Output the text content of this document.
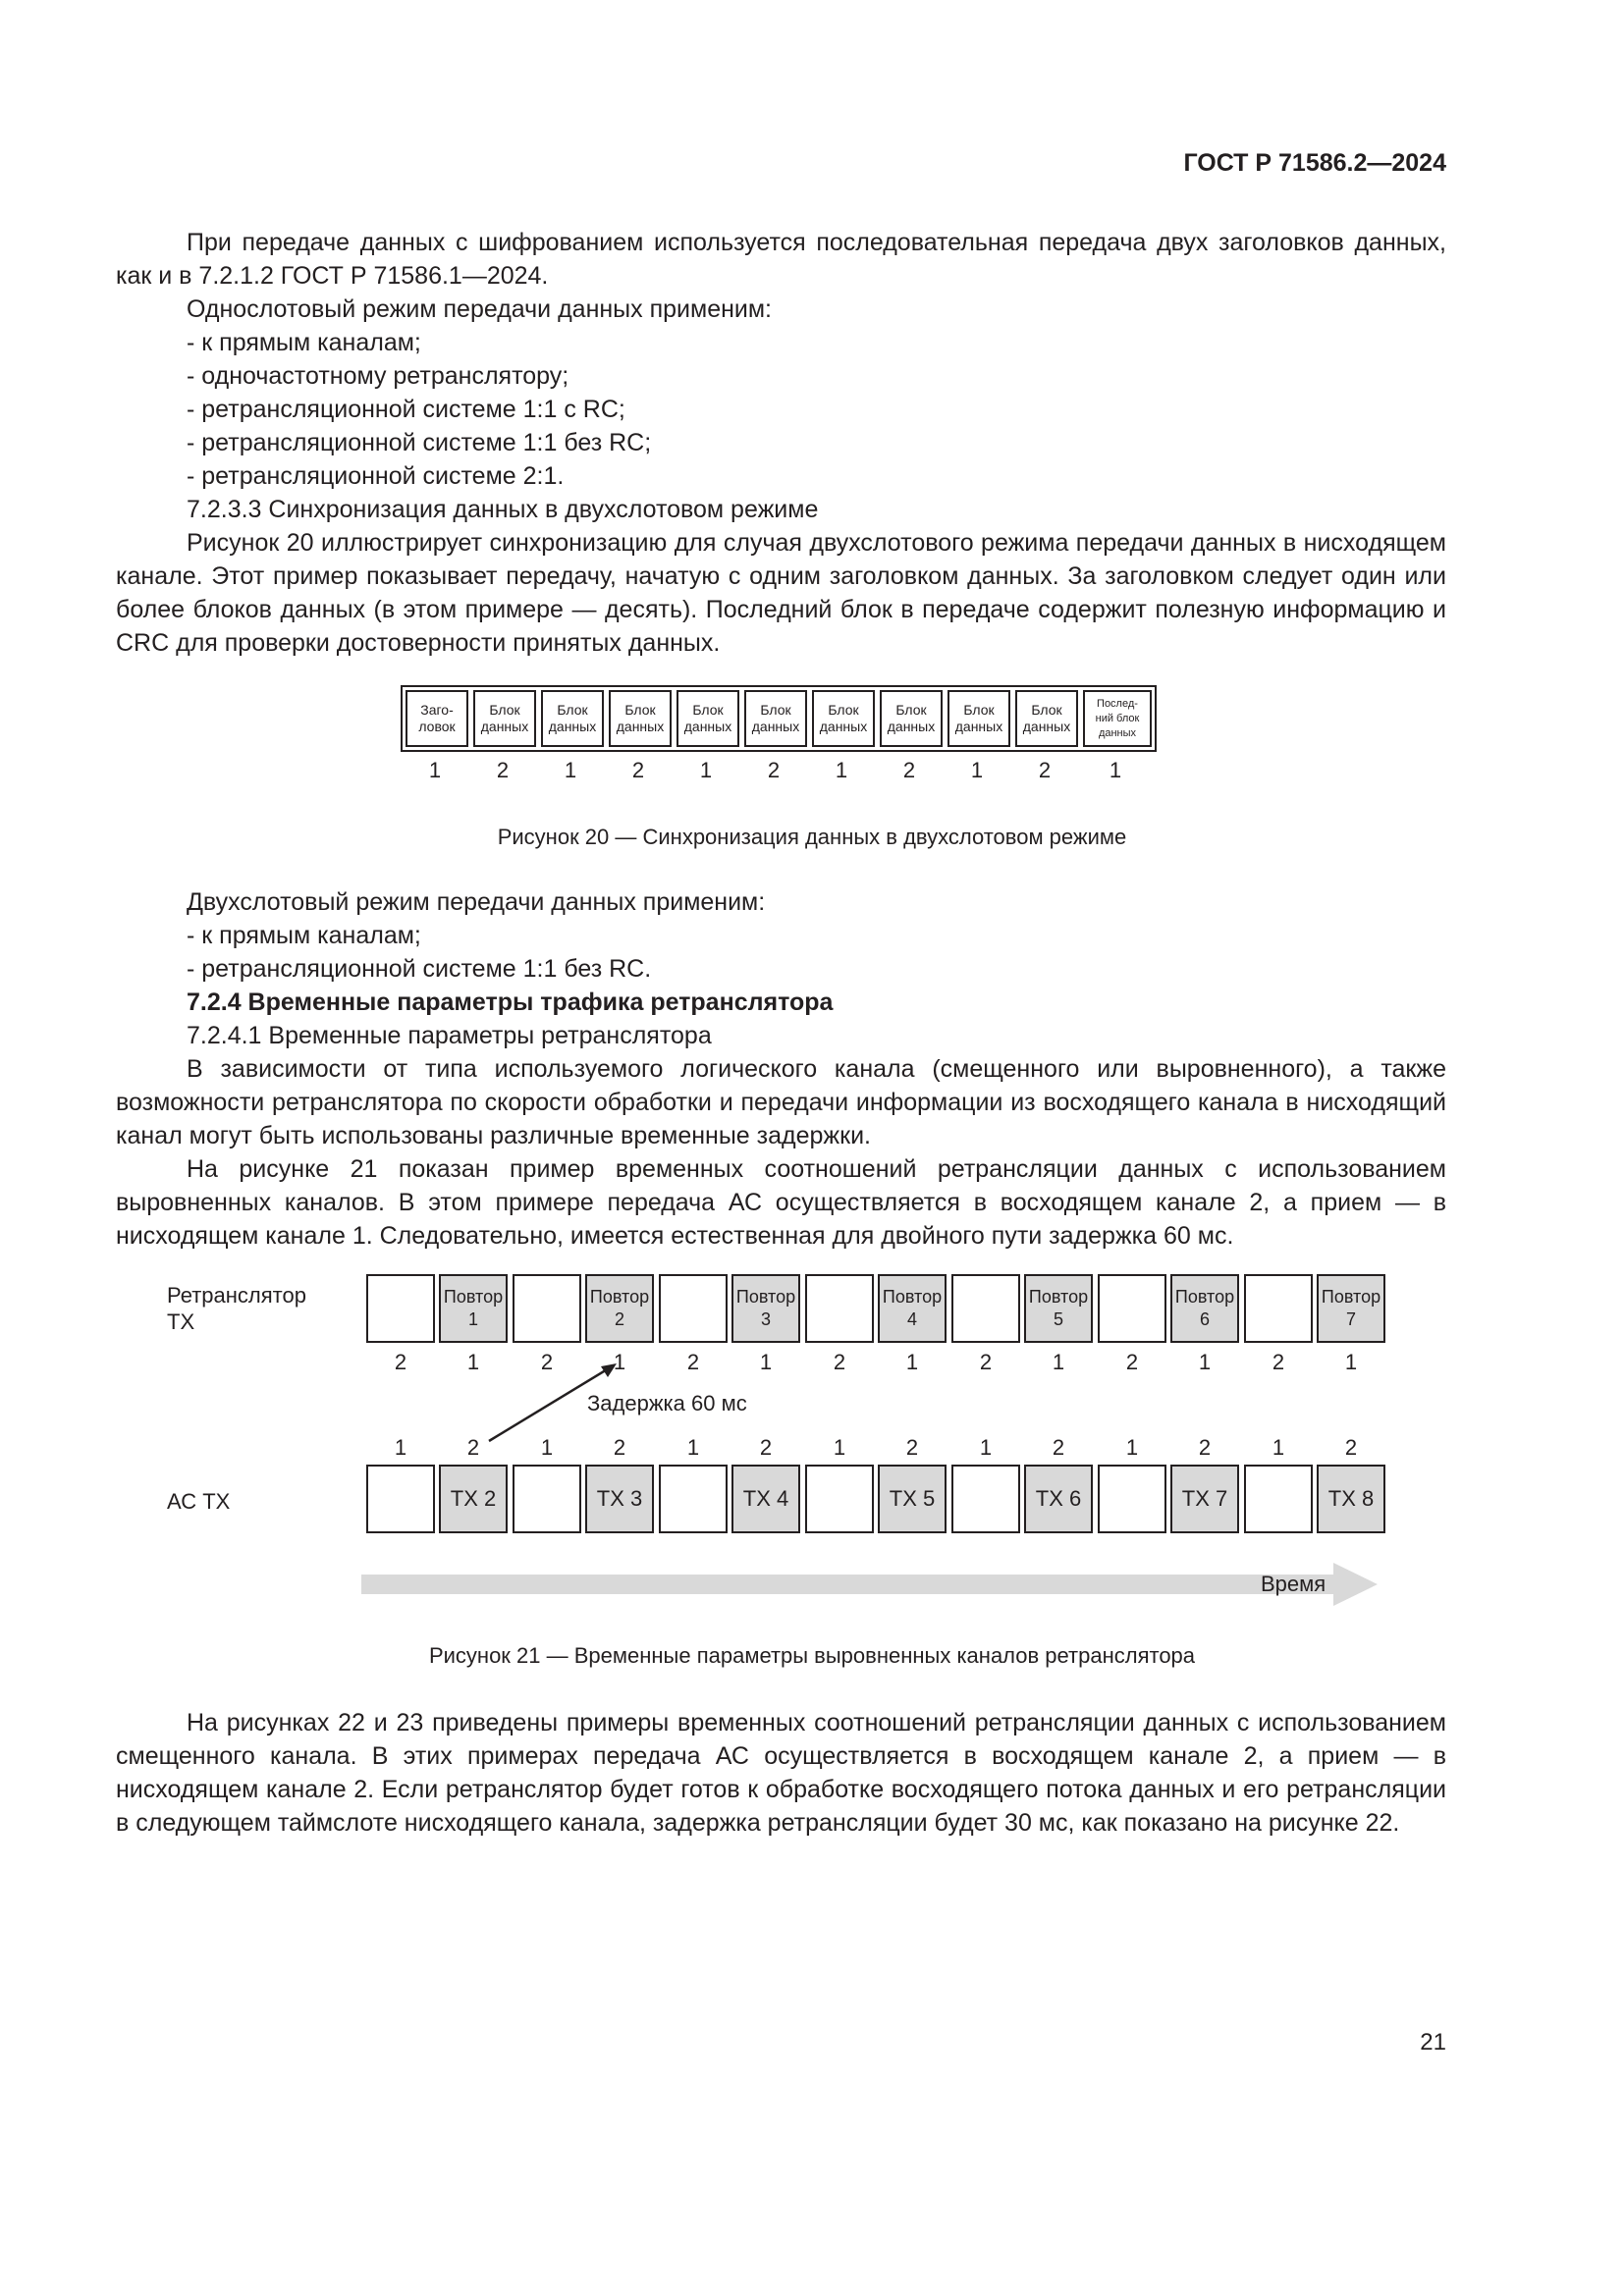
ГОСТ Р 71586.2—2024

При передаче данных с шифрованием используется последовательная передача двух заголовков данных, как и в 7.2.1.2 ГОСТ Р 71586.1—2024.

Однослотовый режим передачи данных применим:

- к прямым каналам;
- одночастотному ретранслятору;
- ретрансляционной системе 1:1 с RC;
- ретрансляционной системе 1:1 без RC;
- ретрансляционной системе 2:1.

7.2.3.3 Синхронизация данных в двухслотовом режиме

Рисунок 20 иллюстрирует синхронизацию для случая двухслотового режима передачи данных в нисходящем канале. Этот пример показывает передачу, начатую с одним заголовком данных. За заголовком следует один или более блоков данных (в этом примере — десять). Последний блок в передаче содержит полезную информацию и CRC для проверки достоверности принятых данных.

Заго-
ловок
Блок
данных
Блок
данных
Блок
данных
Блок
данных
Блок
данных
Блок
данных
Блок
данных
Блок
данных
Блок
данных
Послед-
ний блок
данных
1	2	1	2	1	2	1	2	1	2	1
Рисунок 20 — Синхронизация данных в двухслотовом режиме

Двухслотовый режим передачи данных применим:

- к прямым каналам;
- ретрансляционной системе 1:1 без RC.

7.2.4 Временные параметры трафика ретранслятора

7.2.4.1 Временные параметры ретранслятора

В зависимости от типа используемого логического канала (смещенного или выровненного), а также возможности ретранслятора по скорости обработки и передачи информации из восходящего канала в нисходящий канал могут быть использованы различные временные задержки.

На рисунке 21 показан пример временных соотношений ретрансляции данных с использованием выровненных каналов. В этом примере передача АС осуществляется в восходящем канале 2, а прием — в нисходящем канале 1. Следовательно, имеется естественная для двойного пути задержка 60 мс.

Ретранслятор
TX
АС TX
Повтор
1
Повтор
2
Повтор
3
Повтор
4
Повтор
5
Повтор
6
Повтор
7
2	1	2	1	2	1	2	1	2	1	2	1	2	1
Задержка 60 мс
1	2	1	2	1	2	1	2	1	2	1	2	1	2
TX 2	TX 3	TX 4	TX 5	TX 6	TX 7	TX 8
Время
Рисунок 21 — Временные параметры выровненных каналов ретранслятора

На рисунках 22 и 23 приведены примеры временных соотношений ретрансляции данных с использованием смещенного канала. В этих примерах передача АС осуществляется в восходящем канале 2, а прием — в нисходящем канале 2. Если ретранслятор будет готов к обработке восходящего потока данных и его ретрансляции в следующем таймслоте нисходящего канала, задержка ретрансляции будет 30 мс, как показано на рисунке 22.

21
